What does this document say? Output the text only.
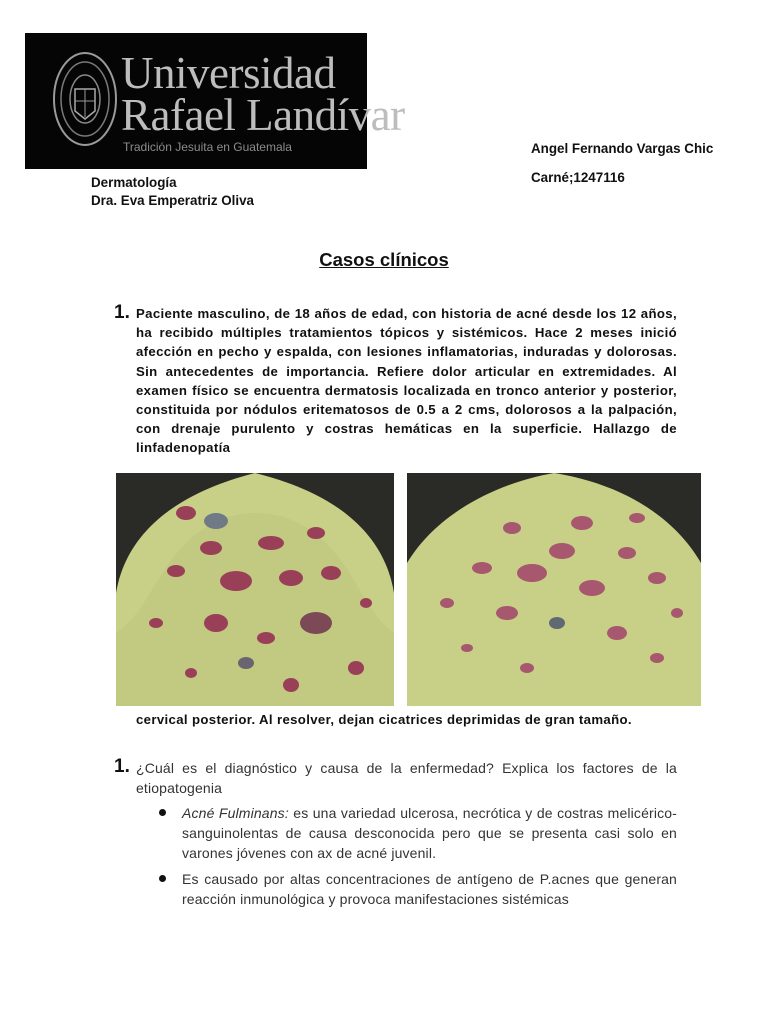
Universidad
Rafael Landívar
Tradición Jesuita en Guatemala	Angel Fernando Vargas Chic
Carné;1247116
Dermatología
Dra. Eva Emperatriz Oliva
Casos clínicos
1. Paciente masculino, de 18 años de edad, con historia de acné desde los 12 años, ha recibido múltiples tratamientos tópicos y sistémicos. Hace 2 meses inició afección en pecho y espalda, con lesiones inflamatorias, induradas y dolorosas. Sin antecedentes de importancia. Refiere dolor articular en extremidades. Al examen físico se encuentra dermatosis localizada en tronco anterior y posterior, constituida por nódulos eritematosos de 0.5 a 2 cms, dolorosos a la palpación, con drenaje purulento y costras hemáticas en la superficie. Hallazgo de linfadenopatía
cervical posterior. Al resolver, dejan cicatrices deprimidas de gran tamaño.
1. ¿Cuál es el diagnóstico y causa de la enfermedad? Explica los factores de la etiopatogenia
Acné Fulminans: es una variedad ulcerosa, necrótica y de costras melicérico-sanguinolentas de causa desconocida pero que se presenta casi solo en varones jóvenes con ax de acné juvenil.
Es causado por altas concentraciones de antígeno de P.acnes que generan reacción inmunológica y provoca manifestaciones sistémicas
